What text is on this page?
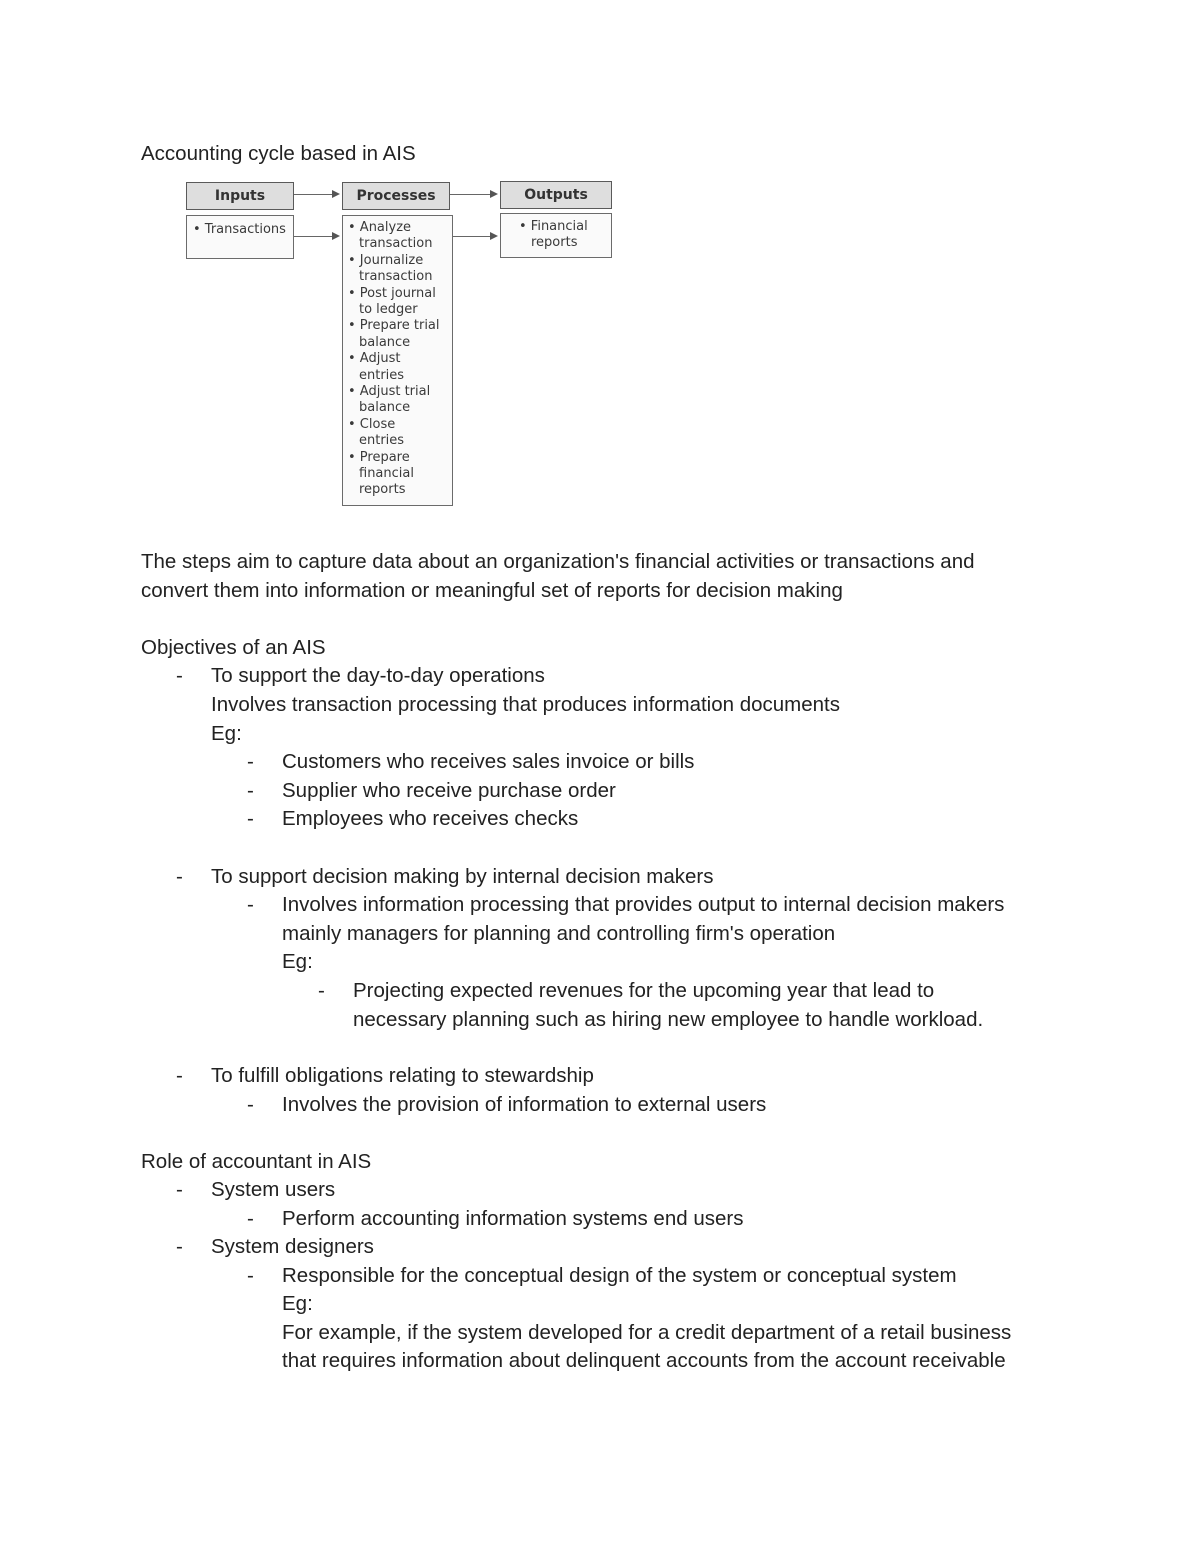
Accounting cycle based in AIS

Inputs
• Transactions
Processes
• Analyze
transaction
• Journalize
transaction
• Post journal
to ledger
• Prepare trial
balance
• Adjust
entries
• Adjust trial
balance
• Close
entries
• Prepare
financial
reports
Outputs
• Financial
reports

The steps aim to capture data about an organization's financial activities or transactions and

convert them into information or meaningful set of reports for decision making

Objectives of an AIS

- To support the day-to-day operations

Involves transaction processing that produces information documents

Eg:

- Customers who receives sales invoice or bills

- Supplier who receive purchase order

- Employees who receives checks

- To support decision making by internal decision makers

- Involves information processing that provides output to internal decision makers

mainly managers for planning and controlling firm's operation

Eg:

- Projecting expected revenues for the upcoming year that lead to

necessary planning such as hiring new employee to handle workload.

- To fulfill obligations relating to stewardship

- Involves the provision of information to external users

Role of accountant in AIS

- System users

- Perform accounting information systems end users

- System designers

- Responsible for the conceptual design of the system or conceptual system

Eg:

For example, if the system developed for a credit department of a retail business

that requires information about delinquent accounts from the account receivable
